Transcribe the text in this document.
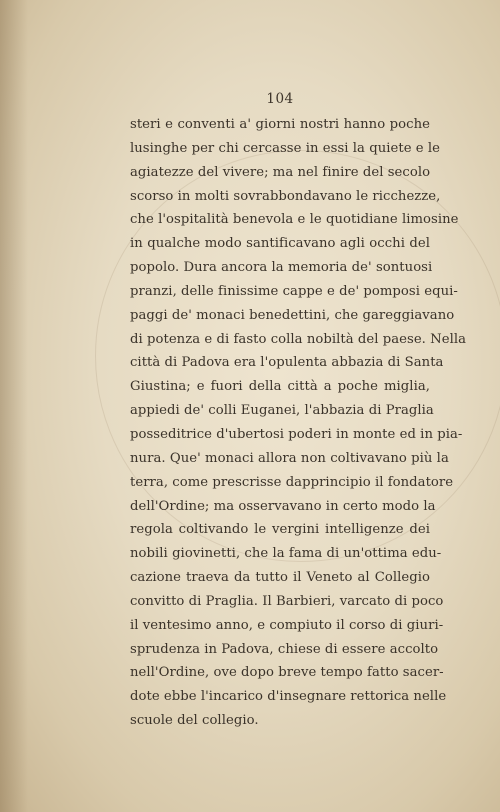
104
steri e conventi a' giorni nostri hanno poche
lusinghe per chi cercasse in essi la quiete e le
agiatezze del vivere; ma nel finire del secolo
scorso in molti sovrabbondavano le ricchezze,
che l'ospitalità benevola e le quotidiane limosine
in qualche modo santificavano agli occhi del
popolo. Dura ancora la memoria de' sontuosi
pranzi, delle finissime cappe e de' pomposi equi-
paggi de' monaci benedettini, che gareggiavano
di potenza e di fasto colla nobiltà del paese. Nella
città di Padova era l'opulenta abbazia di Santa
Giustina; e fuori della città a poche miglia,
appiedi de' colli Euganei, l'abbazia di Praglia
posseditrice d'ubertosi poderi in monte ed in pia-
nura. Que' monaci allora non coltivavano più la
terra, come prescrisse dapprincipio il fondatore
dell'Ordine; ma osservavano in certo modo la
regola coltivando le vergini intelligenze dei
nobili giovinetti, che la fama di un'ottima edu-
cazione traeva da tutto il Veneto al Collegio
convitto di Praglia. Il Barbieri, varcato di poco
il ventesimo anno, e compiuto il corso di giuri-
sprudenza in Padova, chiese di essere accolto
nell'Ordine, ove dopo breve tempo fatto sacer-
dote ebbe l'incarico d'insegnare rettorica nelle
scuole del collegio.
